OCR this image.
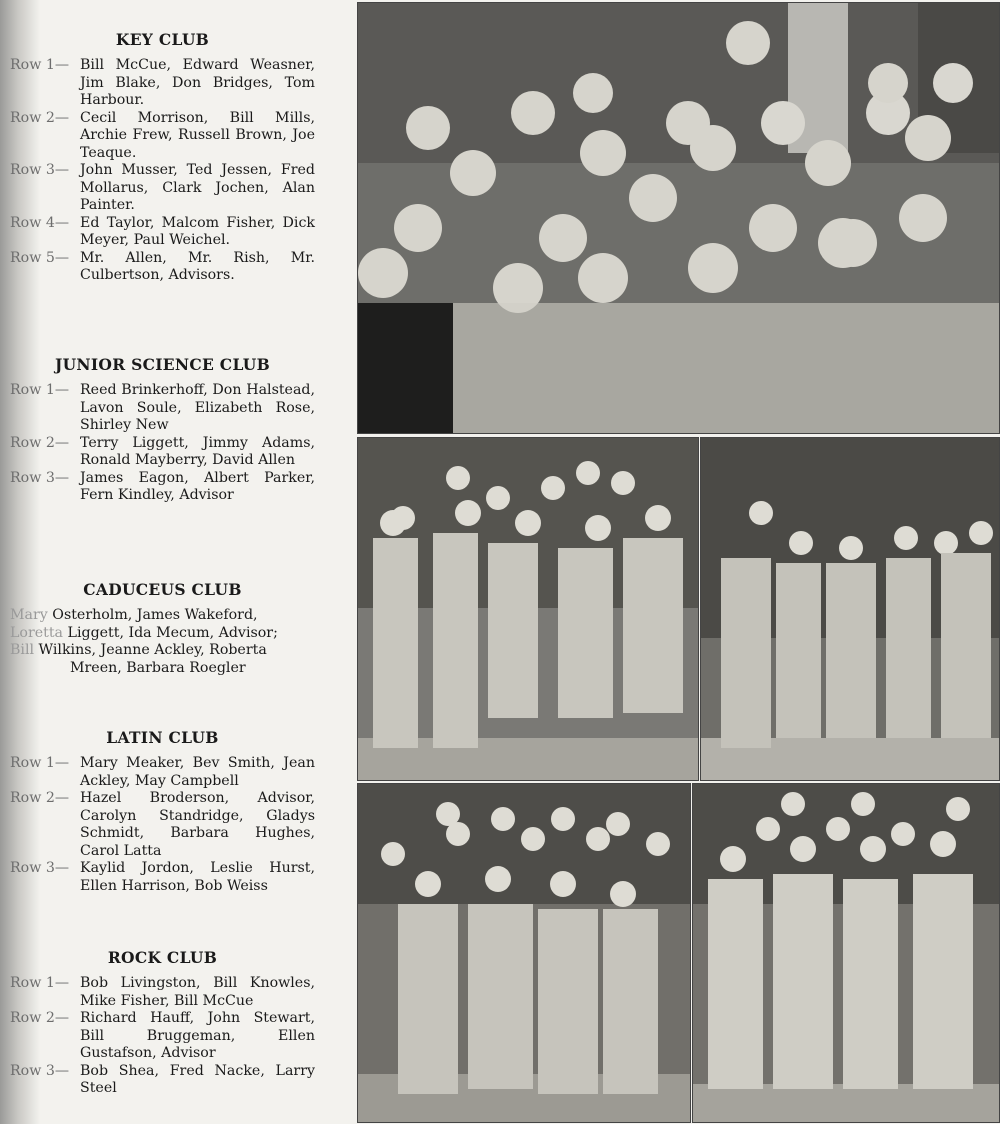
KEY CLUB
Row 1— Bill McCue, Edward Weasner, Jim Blake, Don Bridges, Tom Harbour.
Row 2— Cecil Morrison, Bill Mills, Archie Frew, Russell Brown, Joe Teaque.
Row 3— John Musser, Ted Jessen, Fred Mollarus, Clark Jochen, Alan Painter.
Row 4— Ed Taylor, Malcom Fisher, Dick Meyer, Paul Weichel.
Row 5— Mr. Allen, Mr. Rish, Mr. Culbertson, Advisors.
JUNIOR SCIENCE CLUB
Row 1— Reed Brinkerhoff, Don Halstead, Lavon Soule, Elizabeth Rose, Shirley New
Row 2— Terry Liggett, Jimmy Adams, Ronald Mayberry, David Allen
Row 3— James Eagon, Albert Parker, Fern Kindley, Advisor
CADUCEUS CLUB
Mary Osterholm, James Wakeford,
Loretta Liggett, Ida Mecum, Advisor;
Bill Wilkins, Jeanne Ackley, Roberta
Mreen, Barbara Roegler
LATIN CLUB
Row 1— Mary Meaker, Bev Smith, Jean Ackley, May Campbell
Row 2— Hazel Broderson, Advisor, Carolyn Standridge, Gladys Schmidt, Barbara Hughes, Carol Latta
Row 3— Kaylid Jordon, Leslie Hurst, Ellen Harrison, Bob Weiss
ROCK CLUB
Row 1— Bob Livingston, Bill Knowles, Mike Fisher, Bill McCue
Row 2— Richard Hauff, John Stewart, Bill Bruggeman, Ellen Gustafson, Advisor
Row 3— Bob Shea, Fred Nacke, Larry Steel
